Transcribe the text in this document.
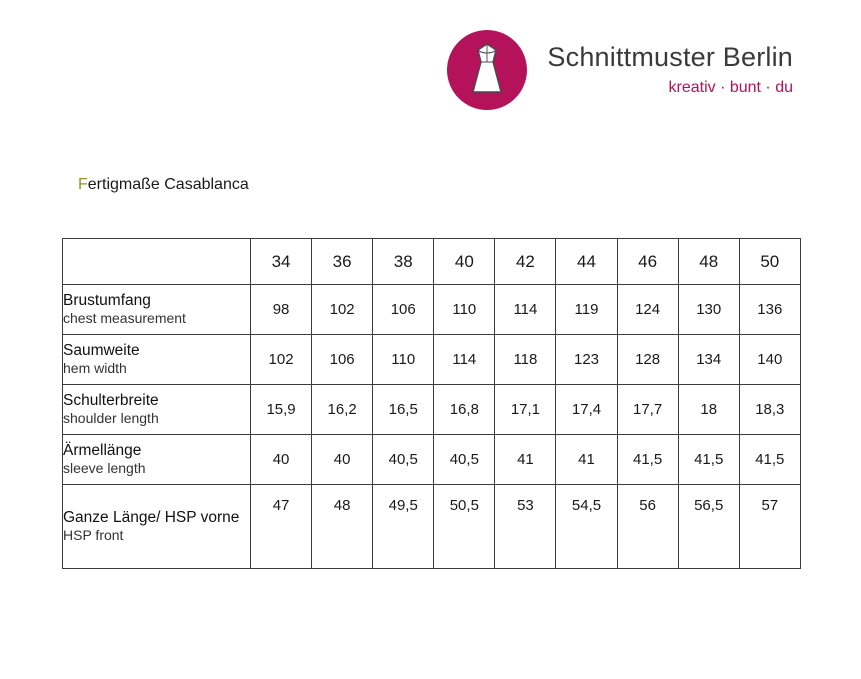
Schnittmuster Berlin
kreativ · bunt · du
Fertigmaße Casablanca
	34	36	38	40	42	44	46	48	50

Brustumfang
chest measurement	98	102	106	110	114	119	124	130	136

Saumweite
hem width	102	106	110	114	118	123	128	134	140

Schulterbreite
shoulder length	15,9	16,2	16,5	16,8	17,1	17,4	17,7	18	18,3

Ärmellänge
sleeve length	40	40	40,5	40,5	41	41	41,5	41,5	41,5

Ganze Länge/ HSP vorne
HSP front	47	48	49,5	50,5	53	54,5	56	56,5	57
